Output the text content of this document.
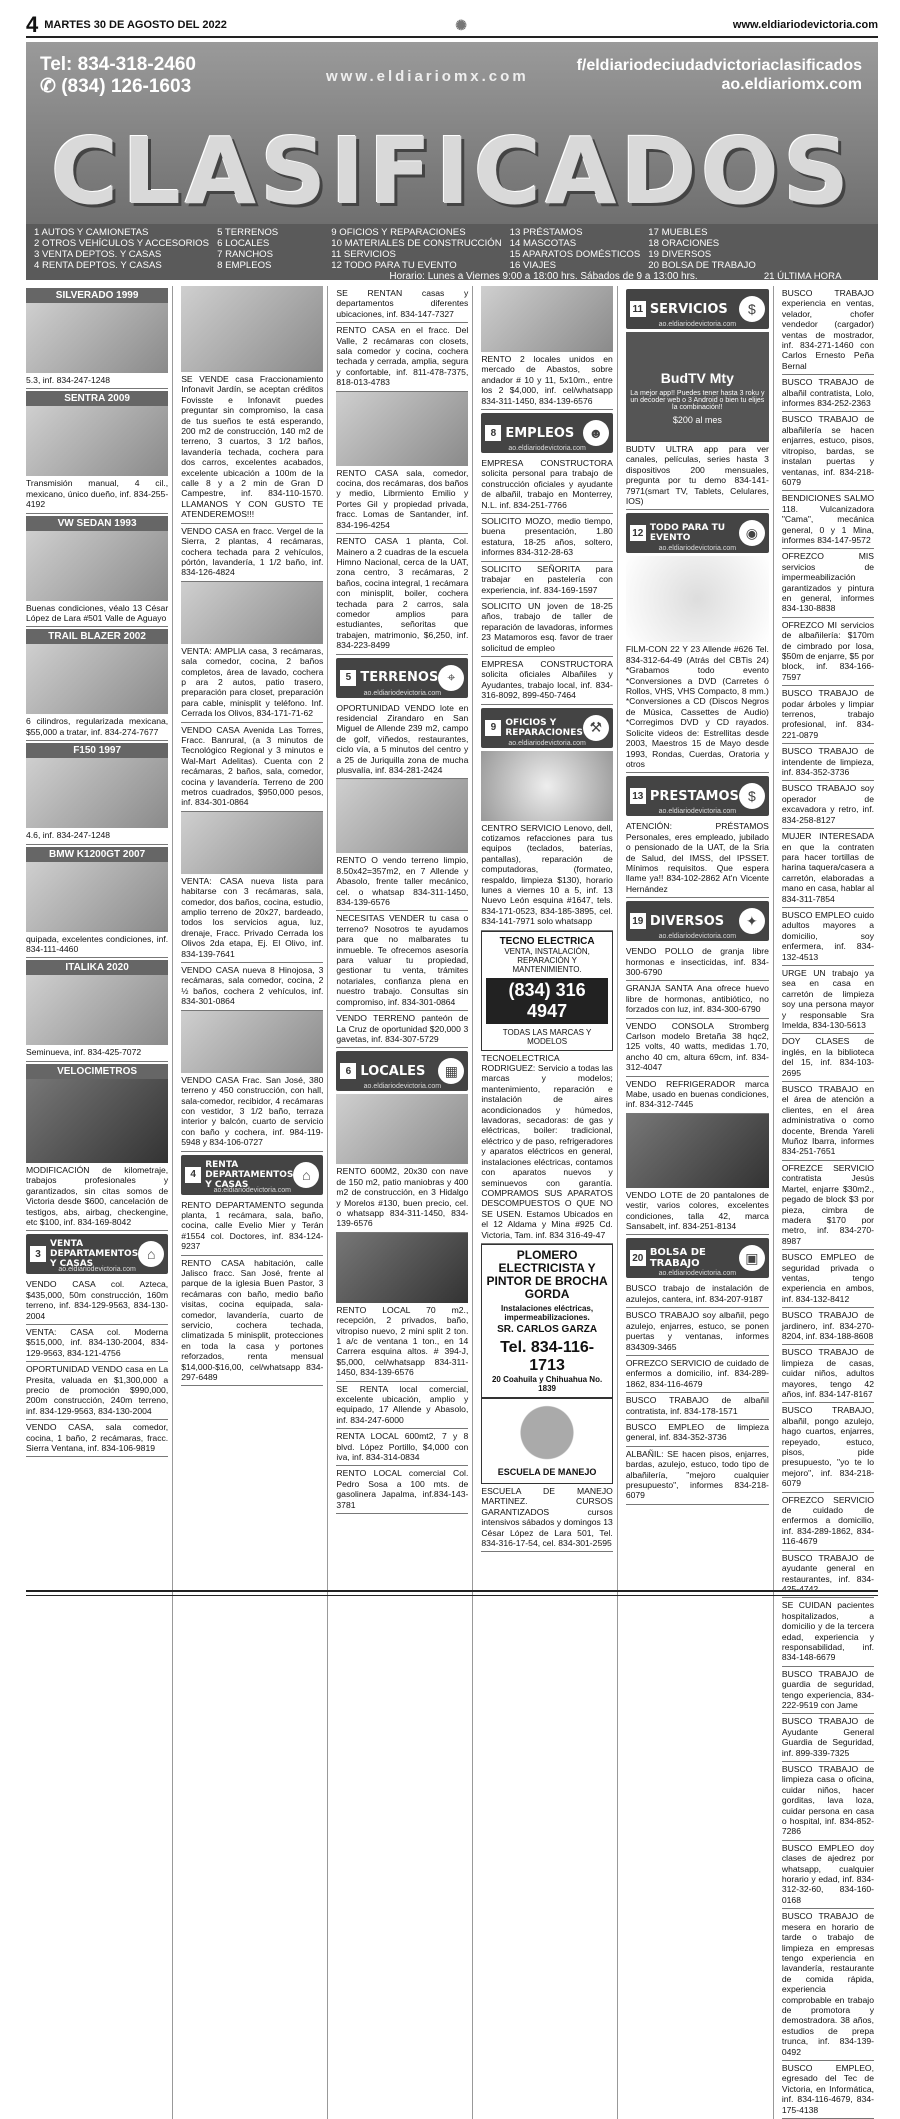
4 MARTES 30 DE AGOSTO DEL 2022	✺	www.eldiariodevictoria.com
Tel: 834-318-2460
✆ (834) 126-1603	www.eldiariomx.com
f/eldiariodeciudadvictoriaclasificados
ao.eldiariomx.com
CLASIFICADOS
1 AUTOS Y CAMIONETAS	5 TERRENOS	9 OFICIOS Y REPARACIONES	13 PRÉSTAMOS	17 MUEBLES
2 OTROS VEHÍCULOS Y ACCESORIOS 6 LOCALES	10 MATERIALES DE CONSTRUCCIÓN 14 MASCOTAS	18 ORACIONES
3 VENTA DEPTOS. Y CASAS	7 RANCHOS	11 SERVICIOS	15 APARATOS DOMÉSTICOS 19 DIVERSOS
4 RENTA DEPTOS. Y CASAS	8 EMPLEOS	12 TODO PARA TU EVENTO	16 VIAJES	20 BOLSA DE TRABAJO
Horario: Lunes a Viernes 9:00 a 18:00 hrs. Sábados de 9 a 13:00 hrs.	21 ÚLTIMA HORA
SILVERADO 1999
5.3, inf. 834-247-1248
SENTRA 2009
Transmisión manual, 4 cil., mexicano, único dueño, inf. 834-255-4192
VW SEDAN 1993
Buenas condiciones, véalo 13 César López de Lara #501 Valle de Aguayo
TRAIL BLAZER 2002
6 cilindros, regularizada mexicana, $55,000 a tratar, inf. 834-274-7677
F150 1997
4.6, inf. 834-247-1248
BMW K1200GT 2007
quipada, excelentes condiciones, inf. 834-111-4460
ITALIKA 2020
Seminueva, inf. 834-425-7072
VELOCIMETROS
MODIFICACIÓN de kilometraje, trabajos profesionales y garantizados, sin citas somos de Victoria desde $600, cancelación de testigos, abs, airbag, checkengine, etc $100, inf. 834-169-8042
3
VENTA DEPARTAMENTOS Y CASAS
⌂
ao.eldiariodevictoria.com
VENDO CASA col. Azteca, $435,000, 50m construcción, 160m terreno, inf. 834-129-9563, 834-130-2004
VENTA: CASA col. Moderna $515,000, inf. 834-130-2004, 834-129-9563, 834-121-4756
OPORTUNIDAD VENDO casa en La Presita, valuada en $1,300,000 a precio de promoción $990,000, 200m construcción, 240m terreno, inf. 834-129-9563, 834-130-2004
VENDO CASA, sala comedor, cocina, 1 baño, 2 recámaras, fracc. Sierra Ventana, inf. 834-106-9819
SE VENDE casa Fraccionamiento Infonavit Jardín, se aceptan créditos Fovisste e Infonavit puedes preguntar sin compromiso, la casa de tus sueños te está esperando, 200 m2 de construcción, 140 m2 de terreno, 3 cuartos, 3 1/2 baños, lavandería techada, cochera para dos carros, excelentes acabados, excelente ubicación a 100m de la calle 8 y a 2 min de Gran D Campestre, inf. 834-110-1570. LLAMANOS Y CON GUSTO TE ATENDEREMOS!!!
VENDO CASA en fracc. Vergel de la Sierra, 2 plantas, 4 recámaras, cochera techada para 2 vehículos, pórtón, lavandería, 1 1/2 baño, inf. 834-126-4824
VENTA: AMPLIA casa, 3 recámaras, sala comedor, cocina, 2 baños completos, área de lavado, cochera p ara 2 autos, patio trasero, preparación para closet, preparación para cable, minisplit y teléfono. Inf. Cerrada los Olivos, 834-171-71-62
VENDO CASA Avenida Las Torres, Fracc. Banrural, (a 3 minutos de Tecnológico Regional y 3 minutos e Wal-Mart Adelitas). Cuenta con 2 recámaras, 2 baños, sala, comedor, cocina y lavandería. Terreno de 200 metros cuadrados, $950,000 pesos, inf. 834-301-0864
VENTA: CASA nueva lista para habitarse con 3 recámaras, sala, comedor, dos baños, cocina, estudio, amplio terreno de 20x27, bardeado, todos los servicios agua, luz, drenaje, Fracc. Privado Cerrada los Olivos 2da etapa, Ej. El Olivo, inf. 834-139-7641
VENDO CASA nueva 8 Hinojosa, 3 recámaras, sala comedor, cocina, 2 ½ baños, cochera 2 vehículos, inf. 834-301-0864
VENDO CASA Frac. San José, 380 terreno y 450 construcción, con hall, sala-comedor, recibidor, 4 recámaras con vestidor, 3 1/2 baño, terraza interior y balcón, cuarto de servicio con baño y cochera, inf. 984-119-5948 y 834-106-0727
4
RENTA DEPARTAMENTOS Y CASAS
⌂
ao.eldiariodevictoria.com
RENTO DEPARTAMENTO segunda planta, 1 recámara, sala, baño, cocina, calle Evelio Mier y Terán #1554 col. Doctores, inf. 834-124-9237
RENTO CASA habitación, calle Jalisco fracc. San José, frente al parque de la iglesia Buen Pastor, 3 recámaras con baño, medio baño visitas, cocina equipada, sala-comedor, lavandería, cuarto de servicio, cochera techada, climatizada 5 minisplit, protecciones en toda la casa y portones reforzados, renta mensual $14,000-$16,00, cel/whatsapp 834-297-6489
SE RENTAN casas y departamentos diferentes ubicaciones, inf. 834-147-7327
RENTO CASA en el fracc. Del Valle, 2 recámaras con closets, sala comedor y cocina, cochera techada y cerrada, amplia, segura y confortable, inf. 811-478-7375, 818-013-4783
RENTO CASA sala, comedor, cocina, dos recámaras, dos baños y medio, Librmiento Emilio y Portes Gil y propiedad privada, fracc. Lomas de Santander, inf. 834-196-4254
RENTO CASA 1 planta, Col. Mainero a 2 cuadras de la escuela Himno Nacional, cerca de la UAT, zona centro, 3 recámaras, 2 baños, cocina integral, 1 recámara con minisplit, boiler, cochera techada para 2 carros, sala comedor amplios para estudiantes, señoritas que trabajen, matrimonio, $6,250, inf. 834-223-8499
5 TERRENOS ⌖
ao.eldiariodevictoria.com
OPORTUNIDAD VENDO lote en residencial Zirandaro en San Miguel de Allende 239 m2, campo de golf, viñedos, restaurantes, ciclo vía, a 5 minutos del centro y a 25 de Juriquilla zona de mucha plusvalía, inf. 834-281-2424
RENTO O vendo terreno limpio, 8.50x42=357m2, en 7 Allende y Abasolo, frente taller mecánico, cel. o whatsap 834-311-1450, 834-139-6576
NECESITAS VENDER tu casa o terreno? Nosotros te ayudamos para que no malbarates tu inmueble. Te ofrecemos asesoría para valuar tu propiedad, gestionar tu venta, trámites notariales, confianza plena en nuestro trabajo. Consultas sin compromiso, inf. 834-301-0864
VENDO TERRENO panteón de La Cruz de oportunidad $20,000 3 gavetas, inf. 834-307-5729
6 LOCALES	▦
ao.eldiariodevictoria.com
RENTO 600M2, 20x30 con nave de 150 m2, patio maniobras y 400 m2 de construcción, en 3 Hidalgo y Morelos #130, buen precio, cel. o whatsapp 834-311-1450, 834-139-6576
RENTO LOCAL 70 m2., recepción, 2 privados, baño, vitropiso nuevo, 2 mini split 2 ton. 1 a/c de ventana 1 ton., en 14 Carrera esquina altos. # 394-J, $5,000, cel/whatsapp 834-311-1450, 834-139-6576
SE RENTA local comercial, excelente ubicación, amplio y equipado, 17 Allende y Abasolo, inf. 834-247-6000
RENTA LOCAL 600mt2, 7 y 8 blvd. López Portillo, $4,000 con iva, inf. 834-314-0834
RENTO LOCAL comercial Col. Pedro Sosa a 100 mts. de gasolinera Japalma, inf.834-143-3781
RENTO 2 locales unidos en mercado de Abastos, sobre andador # 10 y 11, 5x10m., entre los 2 $4,000, inf. cel/whatsapp 834-311-1450, 834-139-6576
8 EMPLEOS	☻
ao.eldiariodevictoria.com
EMPRESA CONSTRUCTORA solicita personal para trabajo de construcción oficiales y ayudante de albañil, trabajo en Monterrey, N.L. inf. 834-251-7766
SOLICITO MOZO, medio tiempo, buena presentación, 1.80 estatura, 18-25 años, soltero, informes 834-312-28-63
SOLICITO SEÑORITA para trabajar en pastelería con experiencia, inf. 834-169-1597
SOLICITO UN joven de 18-25 años, trabajo de taller de reparación de lavadoras, informes 23 Matamoros esq. favor de traer solicitud de empleo
EMPRESA CONSTRUCTORA solicita oficiales Albañiles y Ayudantes, trabajo local, inf. 834-316-8092, 899-450-7464
9	OFICIOS Y REPARACIONES ⚒
ao.eldiariodevictoria.com
CENTRO SERVICIO Lenovo, dell, cotizamos refacciones para tus equipos (teclados, baterías, pantallas), reparación de computadoras, (formateo, respaldo, limpieza $130), horario lunes a viernes 10 a 5, inf. 13 Nuevo León esquina #1647, tels. 834-171-0523, 834-185-3895, cel. 834-141-7971 solo whatsapp
TECNO ELECTRICA
VENTA, INSTALACIÓN, REPARACIÓN Y MANTENIMIENTO.
(834) 316 4947
TODAS LAS MARCAS Y MODELOS
TECNOELECTRICA RODRIGUEZ: Servicio a todas las marcas y modelos; mantenimiento, reparación e instalación de aires acondicionados y húmedos, lavadoras, secadoras: de gas y eléctricas, boiler: tradicional, eléctrico y de paso, refrigeradores y aparatos eléctricos en general, instalaciones eléctricas, contamos con aparatos nuevos y seminuevos con garantía. COMPRAMOS SUS APARATOS DESCOMPUESTOS O QUE NO SE USEN. Estamos Ubicados en el 12 Aldama y Mina #925 Cd. Victoria, Tam. inf. 834 316-49-47
PLOMERO ELECTRICISTA Y PINTOR DE BROCHA GORDA
Instalaciones eléctricas, impermeabilizaciones.
SR. CARLOS GARZA
Tel. 834-116-1713
20 Coahuila y Chihuahua No. 1839
ESCUELA DE MANEJO
ESCUELA DE MANEJO MARTINEZ. CURSOS GARANTIZADOS cursos intensivos sábados y domingos 13 César López de Lara 501, Tel. 834-316-17-54, cel. 834-301-2595
11 SERVICIOS	$
ao.eldiariodevictoria.com
BudTV Mty
La mejor app!! Puedes tener hasta 3 roku y un decoder web o 3 Android o bien tu elijes la combinación!!
$200 al mes
BUDTV ULTRA app para ver canales, películas, series hasta 3 dispositivos 200 mensuales, pregunta por tu demo 834-141-7971(smart TV, Tablets, Celulares, IOS)
12 TODO PARA TU EVENTO	◉
ao.eldiariodevictoria.com
FILM-CON 22 Y 23 Allende #626 Tel. 834-312-64-49 (Atrás del CBTis 24) *Grabamos todo evento *Conversiones a DVD (Carretes ó Rollos, VHS, VHS Compacto, 8 mm.) *Conversiones a CD (Discos Negros de Música, Cassettes de Audio) *Corregimos DVD y CD rayados. Solicite videos de: Estrellitas desde 2003, Maestros 15 de Mayo desde 1993, Rondas, Cuerdas, Oratoria y otros
13 PRESTAMOS $
ao.eldiariodevictoria.com
ATENCIÓN: PRÉSTAMOS Personales, eres empleado, jubilado o pensionado de la UAT, de la Sria de Salud, del IMSS, del IPSSET. Mínimos requisitos. Que espera llame ya!! 834-102-2862 At'n Vicente Hernández
19 DIVERSOS	✦
ao.eldiariodevictoria.com
VENDO POLLO de granja libre hormonas e insecticidas, inf. 834-300-6790
GRANJA SANTA Ana ofrece huevo libre de hormonas, antibiótico, no forzados con luz, inf. 834-300-6790
VENDO CONSOLA Stromberg Carlson modelo Bretaña 38 hqc2, 125 volts, 40 watts, medidas 1.70, ancho 40 cm, altura 69cm, inf. 834-312-4047
VENDO REFRIGERADOR marca Mabe, usado en buenas condiciones, inf. 834-312-7445
VENDO LOTE de 20 pantalones de vestir, varios colores, excelentes condiciones, talla 42, marca Sansabelt, inf. 834-251-8134
20 BOLSA DE TRABAJO	▣
ao.eldiariodevictoria.com
BUSCO trabajo de instalación de azulejos, cantera, inf. 834-207-9187
BUSCO TRABAJO soy albañil, pego azulejo, enjarres, estuco, se ponen puertas y ventanas, informes 834309-3465
OFREZCO SERVICIO de cuidado de enfermos a domicilio, inf. 834-289-1862, 834-116-4679
BUSCO TRABAJO de albañil contratista, inf. 834-178-1571
BUSCO EMPLEO de limpieza general, inf. 834-352-3736
ALBAÑIL: SE hacen pisos, enjarres, bardas, azulejo, estuco, todo tipo de albañilería, "mejoro cualquier presupuesto", informes 834-218-6079
BUSCO TRABAJO experiencia en ventas, velador, chofer vendedor (cargador) ventas de mostrador, inf. 834-271-1460 con Carlos Ernesto Peña Bernal
BUSCO TRABAJO de albañil contratista, Lolo, informes 834-252-2363
BUSCO TRABAJO de albañilería se hacen enjarres, estuco, pisos, vitropiso, bardas, se instalan puertas y ventanas, inf. 834-218-6079
BENDICIONES SALMO 118. Vulcanizadora "Cama", mecánica general, 0 y 1 Mina, informes 834-147-9572
OFREZCO MIS servicios de impermeabilización garantizados y pintura en general, informes 834-130-8838
OFREZCO MI servicios de albañilería: $170m de cimbrado por losa, $50m de enjarre, $5 por block, inf. 834-166-7597
BUSCO TRABAJO de podar árboles y limpiar terrenos, trabajo profesional, inf. 834-221-0879
BUSCO TRABAJO de intendente de limpieza, inf. 834-352-3736
BUSCO TRABAJO soy operador de excavadora y retro, inf. 834-258-8127
MUJER INTERESADA en que la contraten para hacer tortillas de harina taquera/casera a carretón, elaboradas a mano en casa, hablar al 834-311-7854
BUSCO EMPLEO cuido adultos mayores a domicilio, soy enfermera, inf. 834-132-4513
URGE UN trabajo ya sea en casa en carretón de limpieza soy una persona mayor y responsable Sra Imelda, 834-130-5613
DOY CLASES de inglés, en la biblioteca del 15, inf. 834-103-2695
BUSCO TRABAJO en el área de atención a clientes, en el área administrativa o como docente, Brenda Yareli Muñoz Ibarra, informes 834-251-7651
OFREZCE SERVICIO contratista Jesús Martel, enjarre $30m2., pegado de block $3 por pieza, cimbra de madera $170 por metro, inf. 834-270-8987
BUSCO EMPLEO de seguridad privada o ventas, tengo experiencia en ambos, inf. 834-132-8412
BUSCO TRABAJO de jardinero, inf. 834-270-8204, inf. 834-188-8608
BUSCO TRABAJO de limpieza de casas, cuidar niños, adultos mayores, tengo 42 años, inf. 834-147-8167
BUSCO TRABAJO, albañil, pongo azulejo, hago cuartos, enjarres, repeyado, estuco, pisos, pide presupuesto, "yo te lo mejoro", inf. 834-218-6079
OFREZCO SERVICIO de cuidado de enfermos a domicilio, inf. 834-289-1862, 834-116-4679
BUSCO TRABAJO de ayudante general en restaurantes, inf. 834-425-4742
SE CUIDAN pacientes hospitalizados, a domicilio y de la tercera edad, experiencia y responsabilidad, inf. 834-148-6679
BUSCO TRABAJO de guardia de seguridad, tengo experiencia, 834-222-9519 con Jame
BUSCO TRABAJO de Ayudante General Guardia de Seguridad, inf. 899-339-7325
BUSCO TRABAJO de limpieza casa o oficina, cuidar niños, hacer gorditas, lava loza, cuidar persona en casa o hospital, inf. 834-852-7286
BUSCO EMPLEO doy clases de ajedrez por whatsapp, cualquier horario y edad, inf. 834-312-32-60, 834-160-0168
BUSCO TRABAJO de mesera en horario de tarde o trabajo de limpieza en empresas tengo experiencia en lavandería, restaurante de comida rápida, experiencia comprobable en trabajo de promotora y demostradora. 38 años, estudios de prepa trunca, inf. 834-139-0492
BUSCO EMPLEO, egresado del Tec de Victoria, en Informática, inf. 834-116-4679, 834-175-4138
